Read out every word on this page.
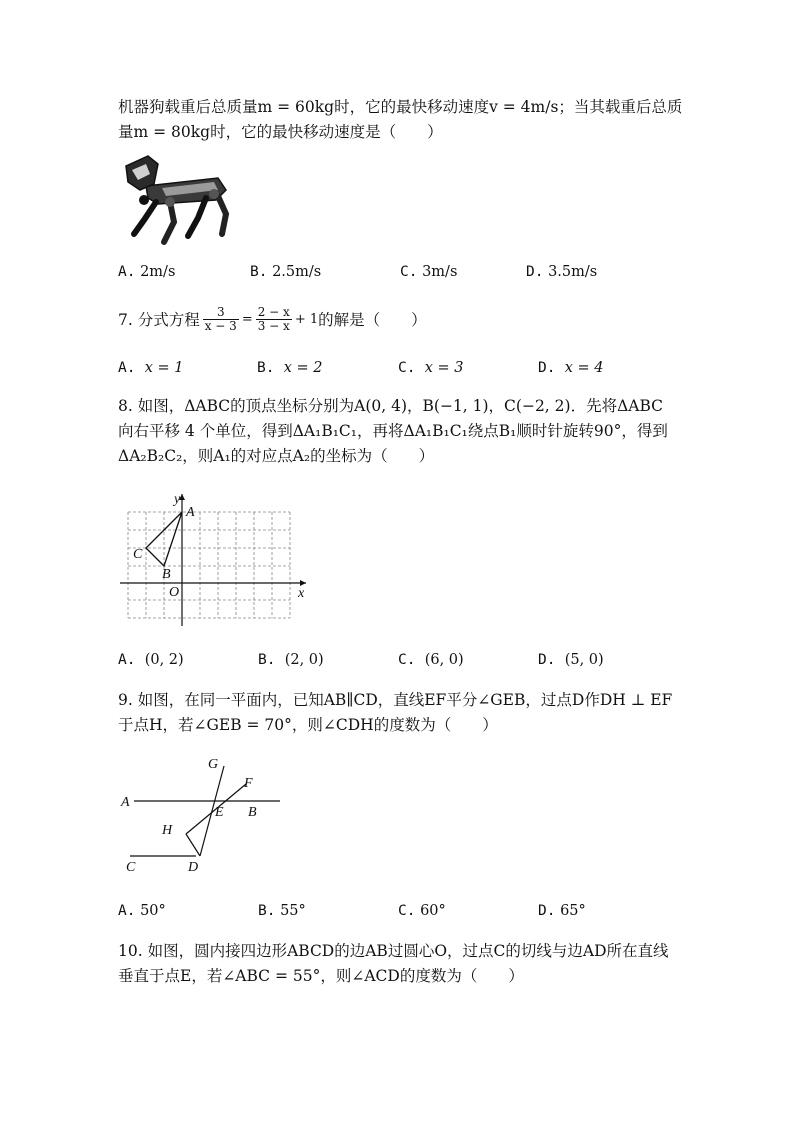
机器狗载重后总质量m = 60kg时，它的最快移动速度v = 4m/s；当其载重后总质
量m = 80kg时，它的最快移动速度是（　　）
A. 2m/s	B. 2.5m/s	C. 3m/s	D. 3.5m/s
7. 分式方程 $\frac{3}{x - 3} = \frac{2 - x}{3 - x} + 1$ 的解是（　　）
A. x = 1	B. x = 2	C. x = 3	D. x = 4
8. 如图，ΔABC的顶点坐标分别为A(0, 4)，B(−1, 1)，C(−2, 2)．先将ΔABC
向右平移 4 个单位，得到ΔA₁B₁C₁，再将ΔA₁B₁C₁绕点B₁顺时针旋转90°，得到
ΔA₂B₂C₂，则A₁的对应点A₂的坐标为（　　）
y
x
A
B
C
O
A. (0, 2)	B. (2, 0)	C. (6, 0)	D. (5, 0)
9. 如图，在同一平面内，已知AB∥CD，直线EF平分∠GEB，过点D作DH ⊥ EF
于点H，若∠GEB = 70°，则∠CDH的度数为（　　）
G
F
A
E B
H
C	D
A. 50°	B. 55°	C. 60°	D. 65°
10. 如图，圆内接四边形ABCD的边AB过圆心O，过点C的切线与边AD所在直线
垂直于点E，若∠ABC = 55°，则∠ACD的度数为（　　）
